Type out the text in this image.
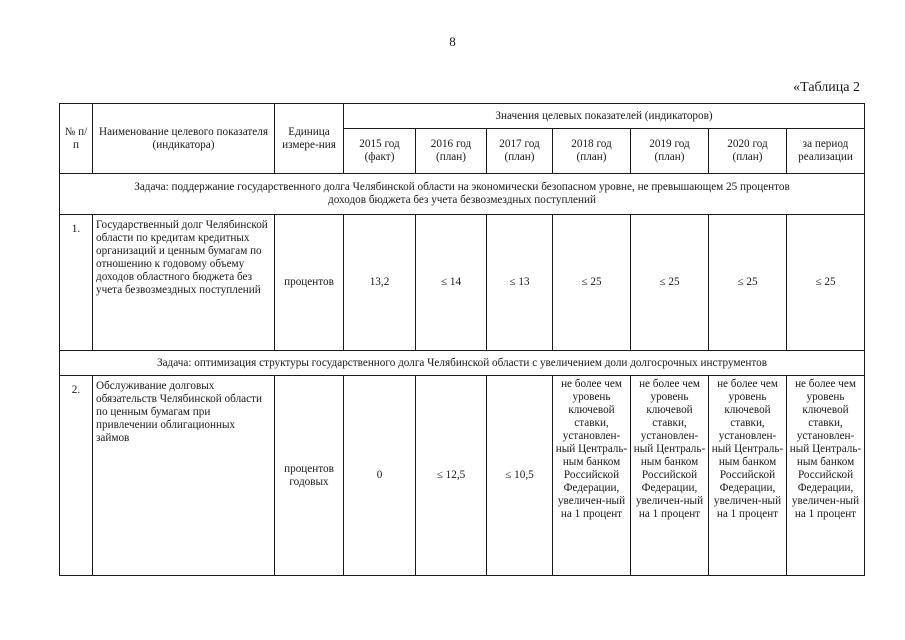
8
«Таблица 2
№ п/п	Наименование целевого показателя (индикатора)	Единица измере-ния	Значения целевых показателей (индикаторов)						
			2015 год (факт)	2016 год (план)	2017 год (план)	2018 год (план)	2019 год (план)	2020 год (план)	за период реализации
Задача: поддержание государственного долга Челябинской области на экономически безопасном уровне, не превышающем 25 процентов доходов бюджета без учета безвозмездных поступлений									
1.	Государственный долг Челябинской области по кредитам кредитных организаций и ценным бумагам по отношению к годовому объему доходов областного бюджета без учета безвозмездных поступлений	процентов	13,2	≤ 14	≤ 13	≤ 25	≤ 25	≤ 25	≤ 25
Задача: оптимизация структуры государственного долга Челябинской области с увеличением доли долгосрочных инструментов									
2.	Обслуживание долговых обязательств Челябинской области по ценным бумагам при привлечении облигационных займов	процентов годовых	0	≤ 12,5	≤ 10,5	не более чем уровень ключевой ставки, установлен-ный Централь-ным банком Российской Федерации, увеличен-ный на 1 процент	не более чем уровень ключевой ставки, установлен-ный Централь-ным банком Российской Федерации, увеличен-ный на 1 процент	не более чем уровень ключевой ставки, установлен-ный Централь-ным банком Российской Федерации, увеличен-ный на 1 процент	не более чем уровень ключевой ставки, установлен-ный Централь-ным банком Российской Федерации, увеличен-ный на 1 процент
